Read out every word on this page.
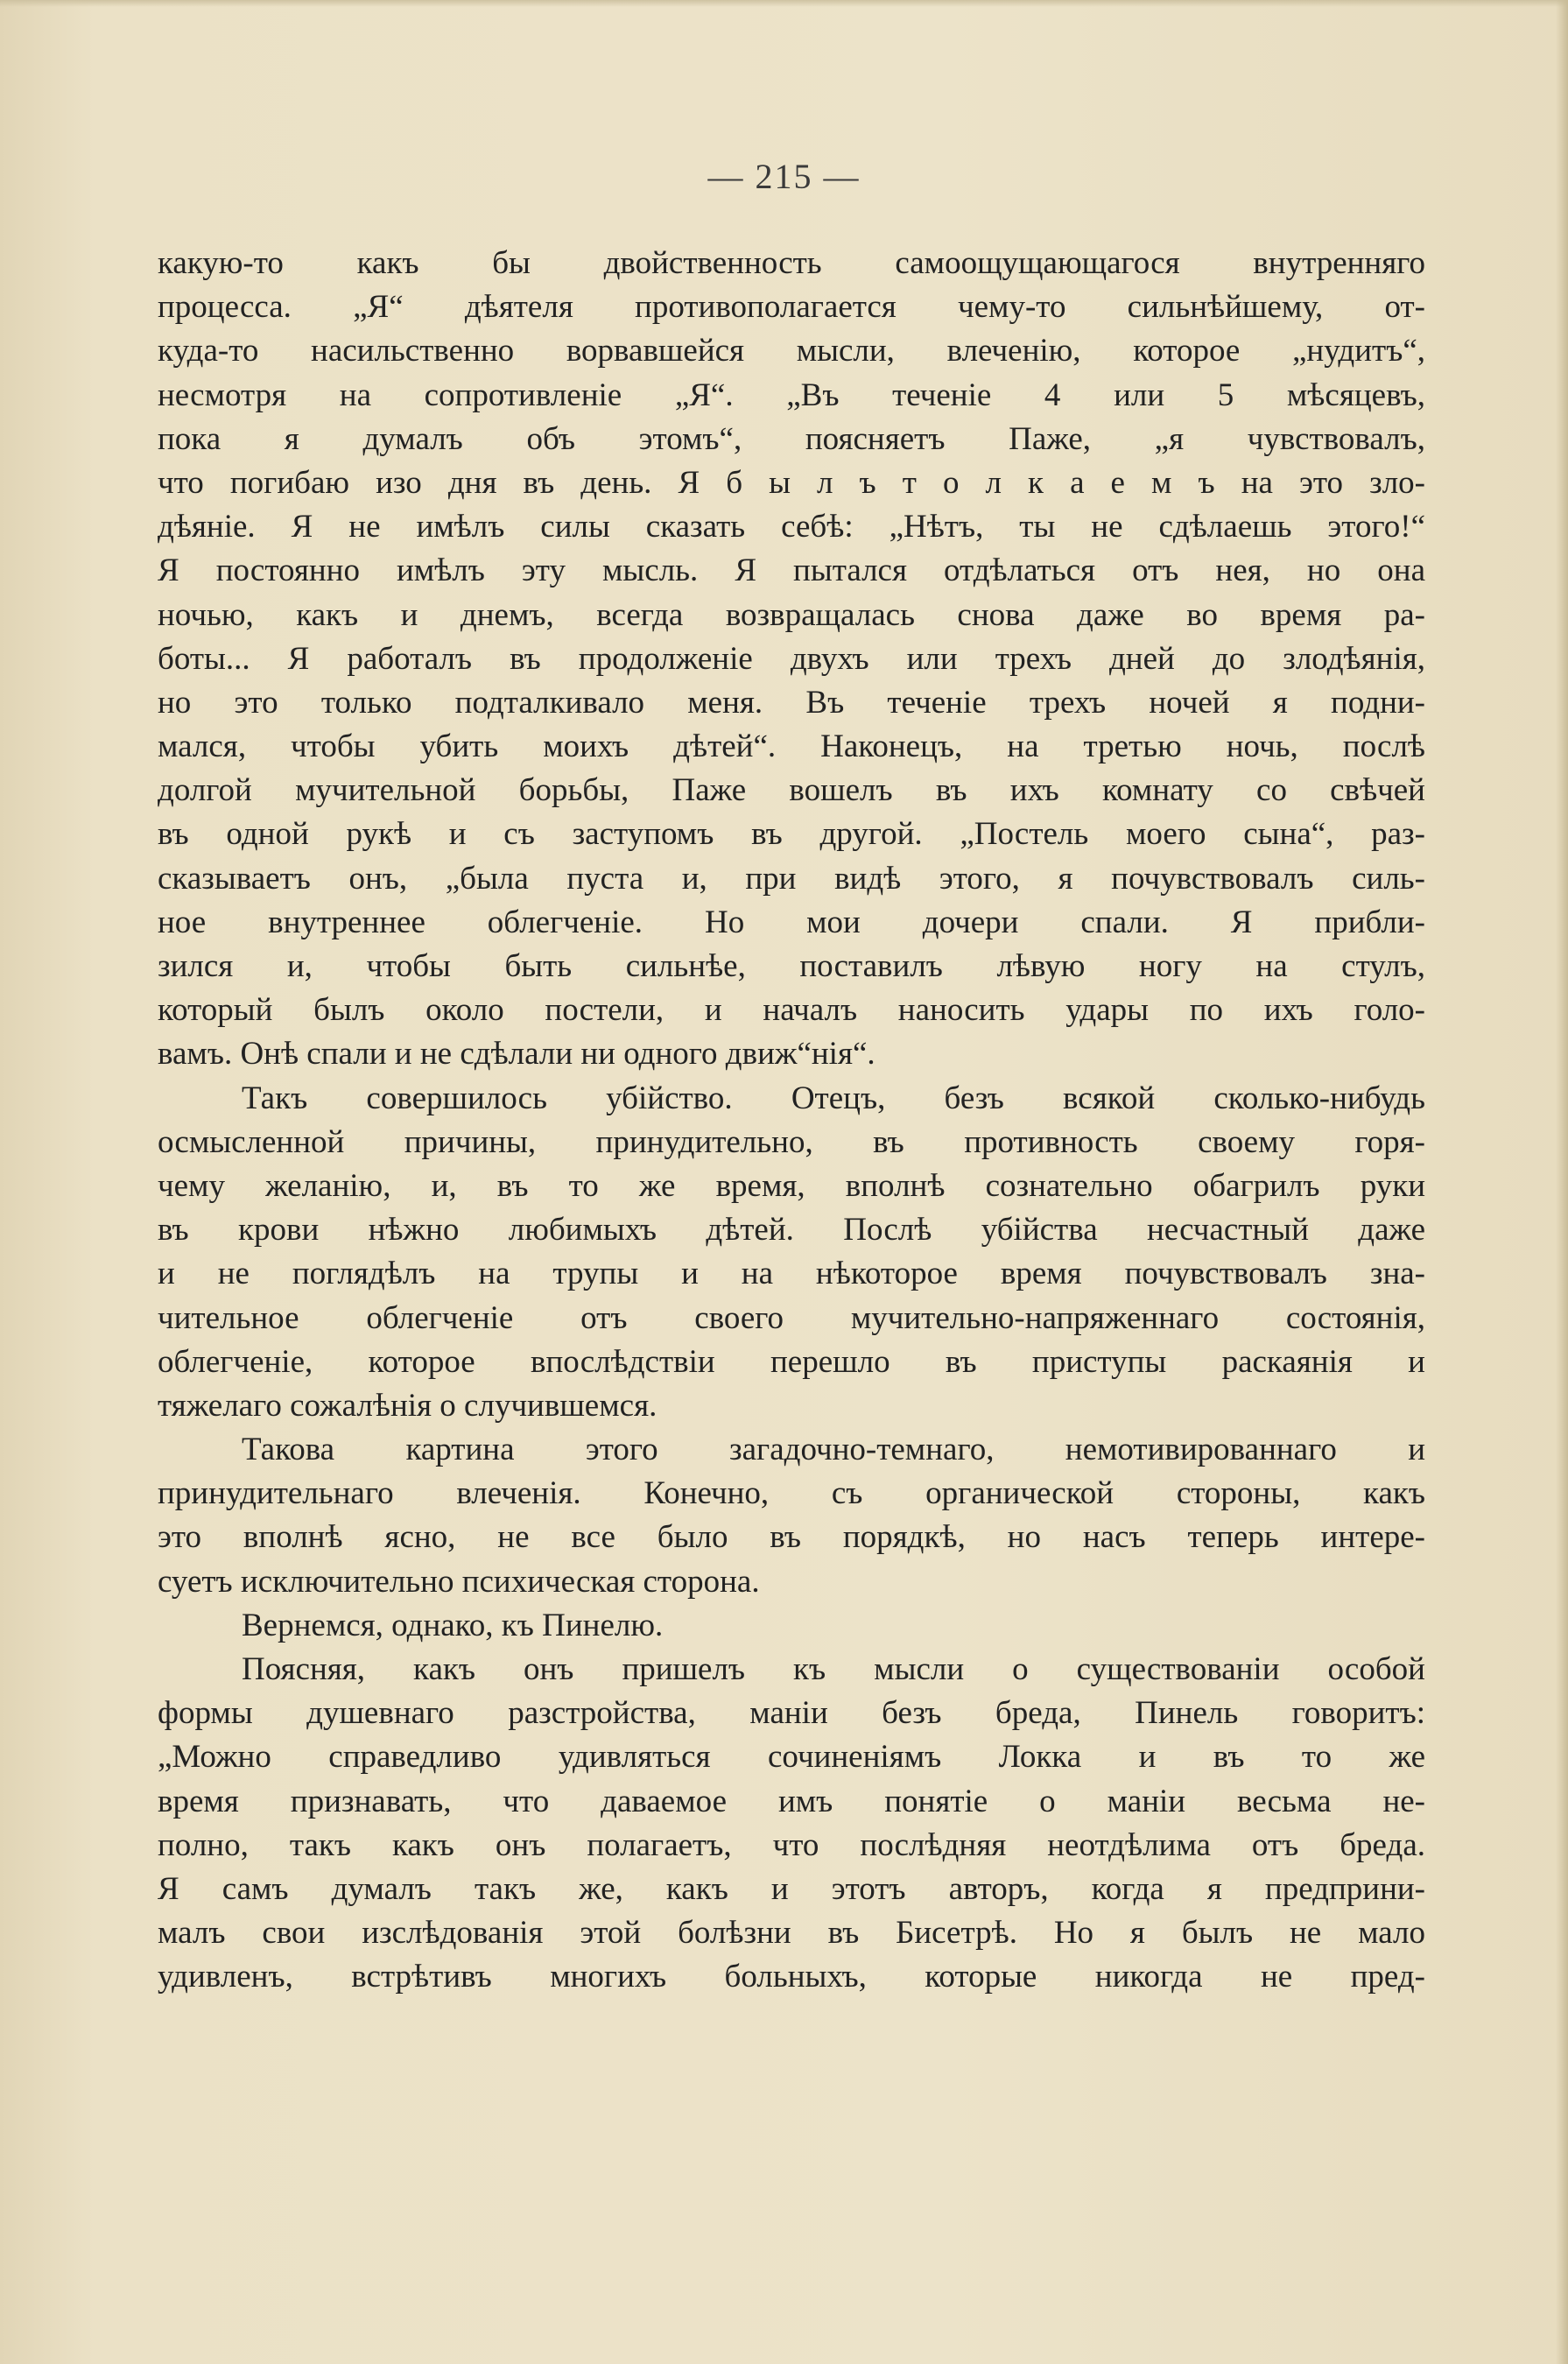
— 215 —
какую-то какъ бы двойственность самоощущающагося внутренняго
процесса. „Я“ дѣятеля противополагается чему-то сильнѣйшему, от-
куда-то насильственно ворвавшейся мысли, влеченію, которое „нудитъ“,
несмотря на сопротивленіе „Я“. „Въ теченіе 4 или 5 мѣсяцевъ,
пока я думалъ объ этомъ“, поясняетъ Паже, „я чувствовалъ,
что погибаю изо дня въ день. Я б ы л ъ т о л к а е м ъ на это зло-
дѣяніе. Я не имѣлъ силы сказать себѣ: „Нѣтъ, ты не сдѣлаешь этого!“
Я постоянно имѣлъ эту мысль. Я пытался отдѣлаться отъ нея, но она
ночью, какъ и днемъ, всегда возвращалась снова даже во время ра-
боты... Я работалъ въ продолженіе двухъ или трехъ дней до злодѣянія,
но это только подталкивало меня. Въ теченіе трехъ ночей я подни-
мался, чтобы убить моихъ дѣтей“. Наконецъ, на третью ночь, послѣ
долгой мучительной борьбы, Паже вошелъ въ ихъ комнату со свѣчей
въ одной рукѣ и съ заступомъ въ другой. „Постель моего сына“, раз-
сказываетъ онъ, „была пуста и, при видѣ этого, я почувствовалъ силь-
ное внутреннее облегченіе. Но мои дочери спали. Я прибли-
зился и, чтобы быть сильнѣе, поставилъ лѣвую ногу на стулъ,
который былъ около постели, и началъ наносить удары по ихъ голо-
вамъ. Онѣ спали и не сдѣлали ни одного движ“нія“.
Такъ совершилось убійство. Отецъ, безъ всякой сколько-нибудь
осмысленной причины, принудительно, въ противность своему горя-
чему желанію, и, въ то же время, вполнѣ сознательно обагрилъ руки
въ крови нѣжно любимыхъ дѣтей. Послѣ убійства несчастный даже
и не поглядѣлъ на трупы и на нѣкоторое время почувствовалъ зна-
чительное облегченіе отъ своего мучительно-напряженнаго состоянія,
облегченіе, которое впослѣдствіи перешло въ приступы раскаянія и
тяжелаго сожалѣнія о случившемся.
Такова картина этого загадочно-темнаго, немотивированнаго и
принудительнаго влеченія. Конечно, съ органической стороны, какъ
это вполнѣ ясно, не все было въ порядкѣ, но насъ теперь интере-
суетъ исключительно психическая сторона.
Вернемся, однако, къ Пинелю.
Поясняя, какъ онъ пришелъ къ мысли о существованіи особой
формы душевнаго разстройства, маніи безъ бреда, Пинель говоритъ:
„Можно справедливо удивляться сочиненіямъ Локка и въ то же
время признавать, что даваемое имъ понятіе о маніи весьма не-
полно, такъ какъ онъ полагаетъ, что послѣдняя неотдѣлима отъ бреда.
Я самъ думалъ такъ же, какъ и этотъ авторъ, когда я предприни-
малъ свои изслѣдованія этой болѣзни въ Бисетрѣ. Но я былъ не мало
удивленъ, встрѣтивъ многихъ больныхъ, которые никогда не пред-
